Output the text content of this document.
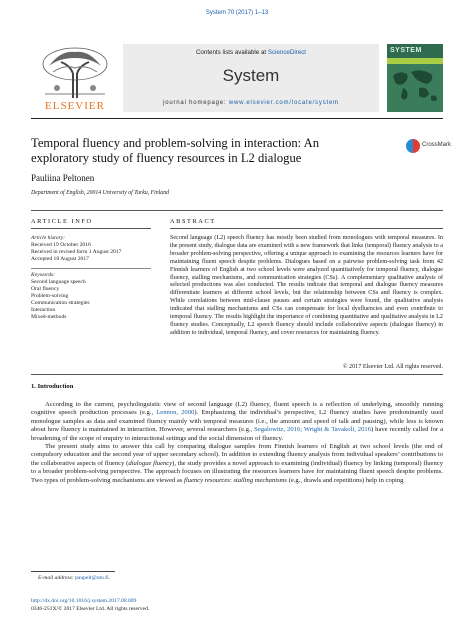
System 70 (2017) 1–13
ELSEVIER
Contents lists available at ScienceDirect
System
journal homepage: www.elsevier.com/locate/system
SYSTEM
Temporal fluency and problem-solving in interaction: An exploratory study of fluency resources in L2 dialogue
CrossMark
Pauliina Peltonen
Department of English, 20014 University of Turku, Finland
ARTICLE INFO	ABSTRACT
Article history:
Received 19 October 2016
Received in revised form 1 August 2017
Accepted 18 August 2017
Keywords:
Second language speech
Oral fluency
Problem-solving
Communication strategies
Interaction
Mixed-methods
Second language (L2) speech fluency has mostly been studied from monologues with temporal measures. In the present study, dialogue data are examined with a new framework that links (temporal) fluency analysis to a broader problem-solving perspective, offering a unique approach to examining the resources learners have for maintaining fluent speech despite problems. Dialogues based on a pairwise problem-solving task from 42 Finnish learners of English at two school levels were analyzed quantitatively for temporal fluency, dialogue fluency, stalling mechanisms, and communication strategies (CSs). A complementary qualitative analysis of selected productions was also conducted. The results indicate that temporal and dialogue fluency measures differentiate learners at different school levels, but the relationship between CSs and fluency is complex. While correlations between mid-clause pauses and certain strategies were found, the qualitative analysis indicated that stalling mechanisms and CSs can compensate for local dysfluencies and even contribute to temporal fluency. The results highlight the importance of combining quantitative and qualitative analysis in L2 fluency studies. Conceptually, L2 speech fluency should include collaborative aspects (dialogue fluency) in addition to individual, temporal fluency, and cover resources for maintaining fluency.
© 2017 Elsevier Ltd. All rights reserved.
1. Introduction

According to the current, psycholinguistic view of second language (L2) fluency, fluent speech is a reflection of underlying, smoothly running cognitive speech production processes (e.g., Lennon, 2000). Emphasizing the individual’s perspective, L2 fluency studies have predominantly used monologue samples as data and examined fluency mainly with temporal measures (i.e., the amount and speed of talk and pausing), while less is known about how fluency is maintained in interaction. However, several researchers (e.g., Segalowitz, 2016; Wright & Tavakoli, 2016) have recently called for a broadening of the scope of enquiry to interactional settings and the social dimension of fluency.

The present study aims to answer this call by comparing dialogue samples from Finnish learners of English at two school levels (the end of compulsory education and the second year of upper secondary school). In addition to extending fluency analysis from individual speakers’ contributions to the collaborative aspects of fluency (dialogue fluency), the study provides a novel approach to examining (individual) fluency by linking (temporal) fluency to a broader problem-solving perspective. The approach focuses on illustrating the resources learners have for maintaining fluent speech despite problems. Two types of problem-solving mechanisms are viewed as fluency resources: stalling mechanisms (e.g., drawls and repetitions) help in coping

E-mail address: paupelt@utu.fi.
http://dx.doi.org/10.1016/j.system.2017.08.009
0346-251X/© 2017 Elsevier Ltd. All rights reserved.
